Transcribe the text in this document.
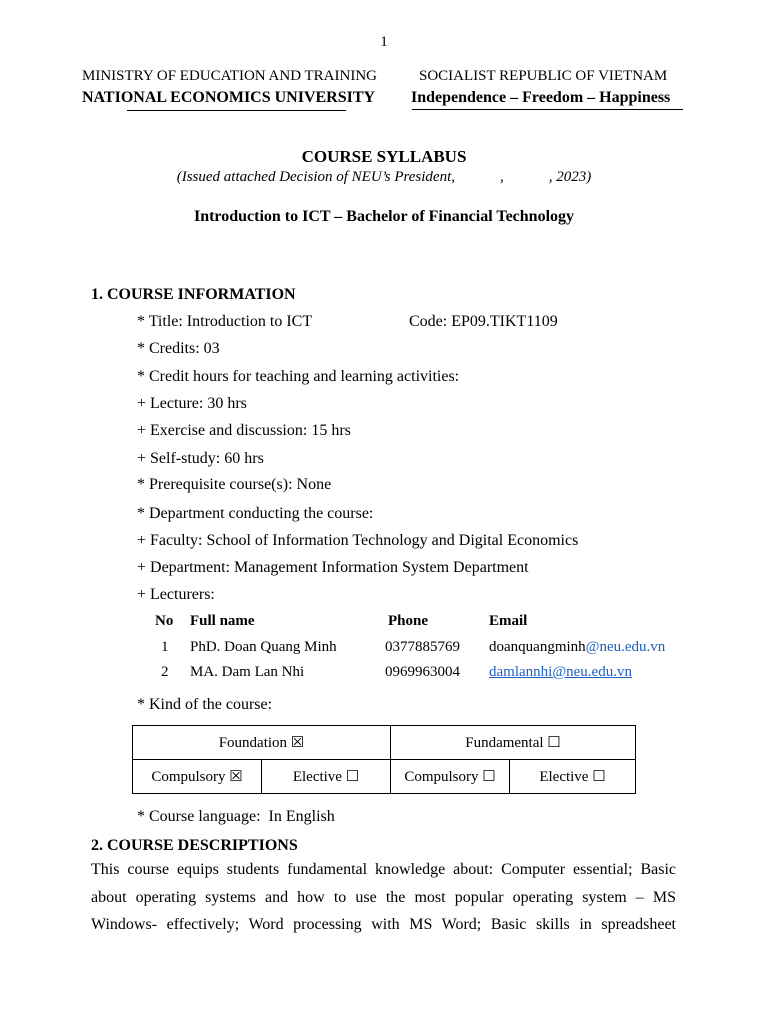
1
MINISTRY OF EDUCATION AND TRAINING
NATIONAL ECONOMICS UNIVERSITY
SOCIALIST REPUBLIC OF VIETNAM
Independence – Freedom – Happiness
COURSE SYLLABUS
(Issued attached Decision of NEU’s President,            ,            , 2023)
Introduction to ICT – Bachelor of Financial Technology
1. COURSE INFORMATION
* Title: Introduction to ICT	Code: EP09.TIKT1109
* Credits: 03
* Credit hours for teaching and learning activities:
+ Lecture: 30 hrs
+ Exercise and discussion: 15 hrs
+ Self-study: 60 hrs
* Prerequisite course(s): None
* Department conducting the course:
+ Faculty: School of Information Technology and Digital Economics
+ Department: Management Information System Department
+ Lecturers:
No Full name	Phone	Email
1 PhD. Doan Quang Minh	0377885769 doanquangminh@neu.edu.vn
2 MA. Dam Lan Nhi	0969963004 damlannhi@neu.edu.vn
* Kind of the course:
Foundation ☒		Fundamental ☐	
Compulsory ☒	Elective ☐	Compulsory ☐	Elective ☐
* Course language:  In English
2. COURSE DESCRIPTIONS
This course equips students fundamental knowledge about: Computer essential; Basic
about operating systems and how to use the most popular operating system – MS
Windows- effectively; Word processing with MS Word; Basic skills in spreadsheet
